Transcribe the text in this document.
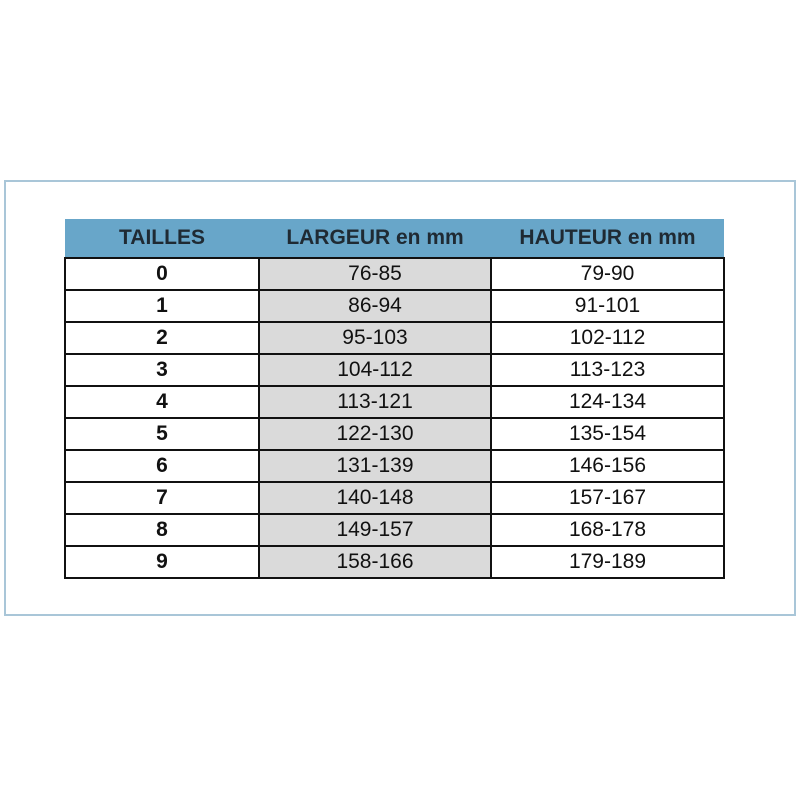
TAILLES	LARGEUR en mm	HAUTEUR en mm
0	76-85	79-90
1	86-94	91-101
2	95-103	102-112
3	104-112	113-123
4	113-121	124-134
5	122-130	135-154
6	131-139	146-156
7	140-148	157-167
8	149-157	168-178
9	158-166	179-189
